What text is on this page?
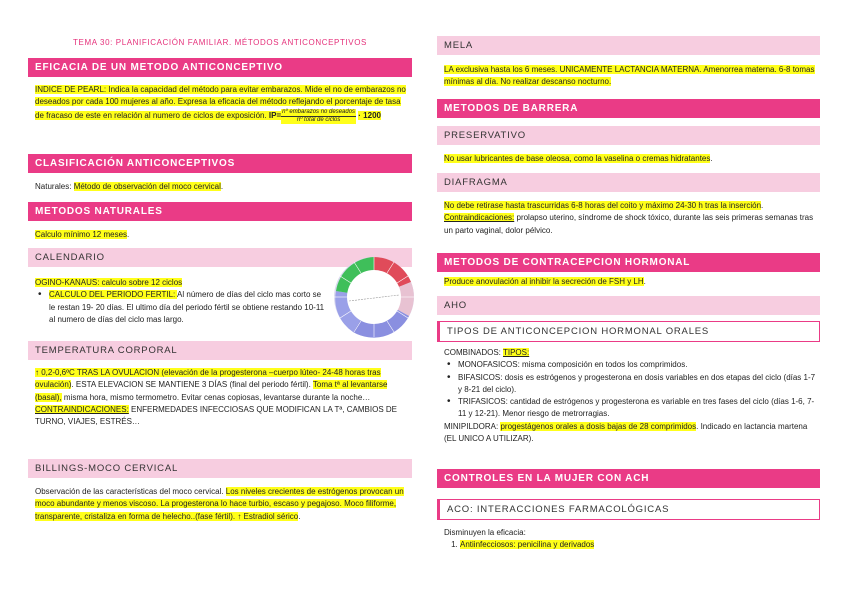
TEMA 30: PLANIFICACIÓN FAMILIAR. MÉTODOS ANTICONCEPTIVOS
EFICACIA DE UN METODO ANTICONCEPTIVO
INDICE DE PEARL: Indica la capacidad del método para evitar embarazos. Mide el no de embarazos no deseados por cada 100 mujeres al año. Expresa la eficacia del método reflejando el porcentaje de tasa de fracaso de este en relación al numero de ciclos de exposición. $IP= \frac{\text{nº embarazos no deseados}}{\text{nº total de ciclos}} \cdot 1200$
CLASIFICACIÓN ANTICONCEPTIVOS
Naturales: Método de observación del moco cervical.
METODOS NATURALES
Calculo mínimo 12 meses.
CALENDARIO
OGINO-KANAUS: calculo sobre 12 ciclos
• CALCULO DEL PERIODO FERTIL: Al número de días del ciclo mas corto se le restan 19- 20 días. El ultimo día del periodo fértil se obtiene restando 10-11 al numero de días del ciclo mas largo.
TEMPERATURA CORPORAL
↑ 0,2-0,6ºC TRAS LA OVULACION (elevación de la progesterona –cuerpo lúteo- 24-48 horas tras ovulación). ESTA ELEVACION SE MANTIENE 3 DÍAS (final del periodo fértil). Toma tª al levantarse (basal), misma hora, mismo termometro. Evitar cenas copiosas, levantarse durante la noche…
CONTRAINDICACIONES: ENFERMEDADES INFECCIOSAS QUE MODIFICAN LA Tª, CAMBIOS DE TURNO, VIAJES, ESTRÉS…
BILLINGS-MOCO CERVICAL
Observación de las características del moco cervical. Los niveles crecientes de estrógenos provocan un moco abundante y menos viscoso. La progesterona lo hace turbio, escaso y pegajoso. Moco filiforme, transparente, cristaliza en forma de helecho..(fase fértil). ↑ Estradiol sérico.
MELA
LA exclusiva hasta los 6 meses. UNICAMENTE LACTANCIA MATERNA. Amenorrea materna. 6-8 tomas mínimas al día. No realizar descanso nocturno.
METODOS DE BARRERA
PRESERVATIVO
No usar lubricantes de base oleosa, como la vaselina o cremas hidratantes.
DIAFRAGMA
No debe retirase hasta trascurridas 6-8 horas del coito y máximo 24-30 h tras la inserción. Contraindicaciones: prolapso uterino, síndrome de shock tóxico, durante las seis primeras semanas tras un parto vaginal, dolor pélvico.
METODOS DE CONTRACEPCION HORMONAL
Produce anovulación al inhibir la secreción de FSH y LH.
AHO
TIPOS DE ANTICONCEPCION HORMONAL ORALES
COMBINADOS: TIPOS:
• MONOFASICOS: misma composición en todos los comprimidos.
• BIFASICOS: dosis es estrógenos y progesterona en dosis variables en dos etapas del ciclo (días 1-7 y 8-21 del ciclo).
• TRIFASICOS: cantidad de estrógenos y progesterona es variable en tres fases del ciclo (días 1-6, 7-11 y 12-21). Menor riesgo de metrorragias.
MINIPILDORA: progestágenos orales a dosis bajas de 28 comprimidos. Indicado en lactancia martena (EL UNICO A UTILIZAR).
CONTROLES EN LA MUJER CON ACH
ACO: INTERACCIONES FARMACOLÓGICAS
Disminuyen la eficacia:
1. Antiinfecciosos: penicilina y derivados
